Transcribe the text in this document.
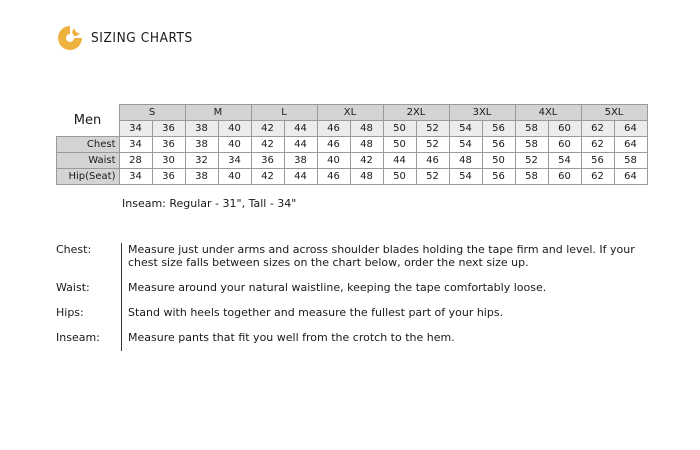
SIZING CHARTS
Men	S		M		L		XL		2XL		3XL		4XL		5XL	
	34	36	38	40	42	44	46	48	50	52	54	56	58	60	62	64
Chest	34	36	38	40	42	44	46	48	50	52	54	56	58	60	62	64
Waist	28	30	32	34	36	38	40	42	44	46	48	50	52	54	56	58
Hip(Seat)	34	36	38	40	42	44	46	48	50	52	54	56	58	60	62	64
Inseam: Regular - 31", Tall - 34"
Chest:	Measure just under arms and across shoulder blades holding the tape firm and level. If your chest size falls between sizes on the chart below, order the next size up.
Waist:	Measure around your natural waistline, keeping the tape comfortably loose.
Hips:	Stand with heels together and measure the fullest part of your hips.
Inseam:	Measure pants that fit you well from the crotch to the hem.
